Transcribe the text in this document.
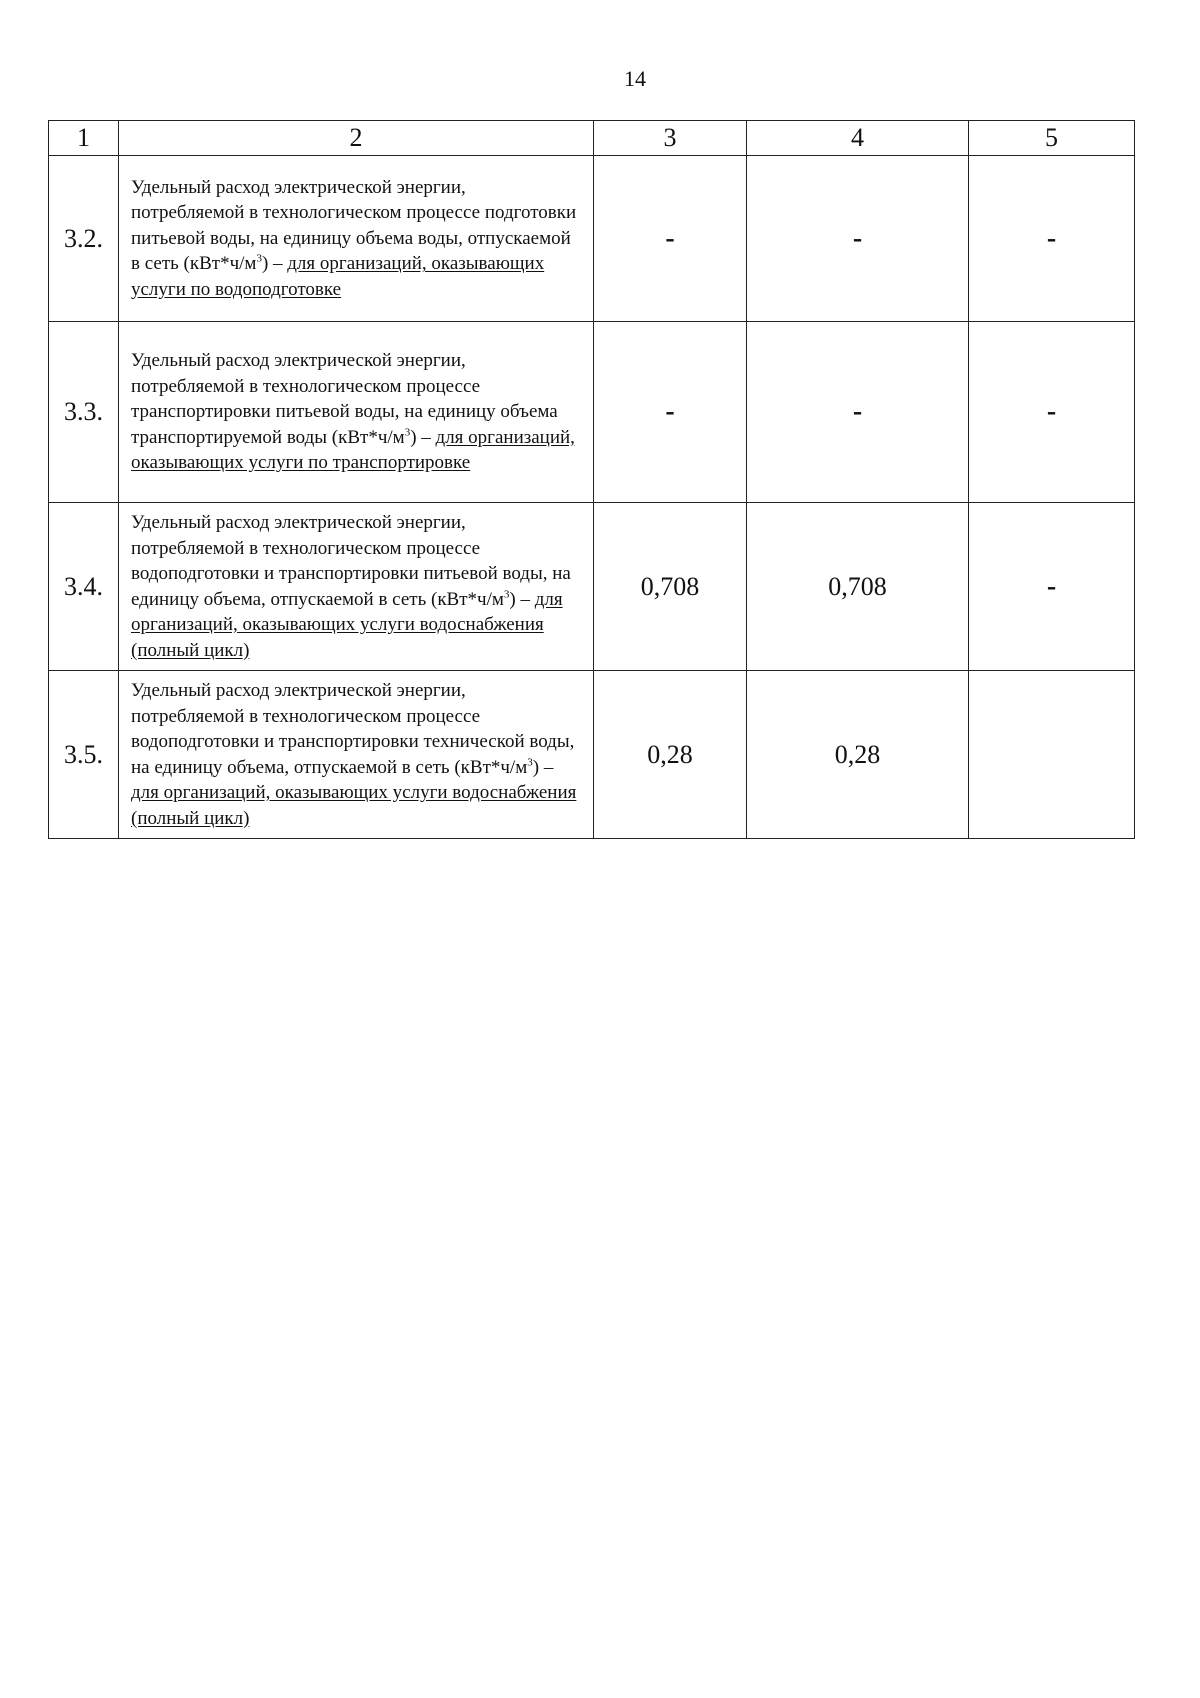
14
1	2	3	4	5
3.2.	Удельный расход электрической энергии, потребляемой в технологическом процессе подготовки питьевой воды, на единицу объема воды, отпускаемой в сеть $(кВт*ч/м^3)$ – для организаций, оказывающих услуги по водоподготовке	-	-	-
3.3.	Удельный расход электрической энергии, потребляемой в технологическом процессе транспортировки питьевой воды, на единицу объема транспортируемой воды $(кВт*ч/м^3)$ – для организаций, оказывающих услуги по транспортировке	-	-	-
3.4.	Удельный расход электрической энергии, потребляемой в технологическом процессе водоподготовки и транспортировки питьевой воды, на единицу объема, отпускаемой в сеть $(кВт*ч/м^3)$ – для организаций, оказывающих услуги водоснабжения (полный цикл)	0,708	0,708	-
3.5.	Удельный расход электрической энергии, потребляемой в технологическом процессе водоподготовки и транспортировки технической воды, на единицу объема, отпускаемой в сеть $(кВт*ч/м^3)$ – для организаций, оказывающих услуги водоснабжения (полный цикл)	0,28	0,28	
